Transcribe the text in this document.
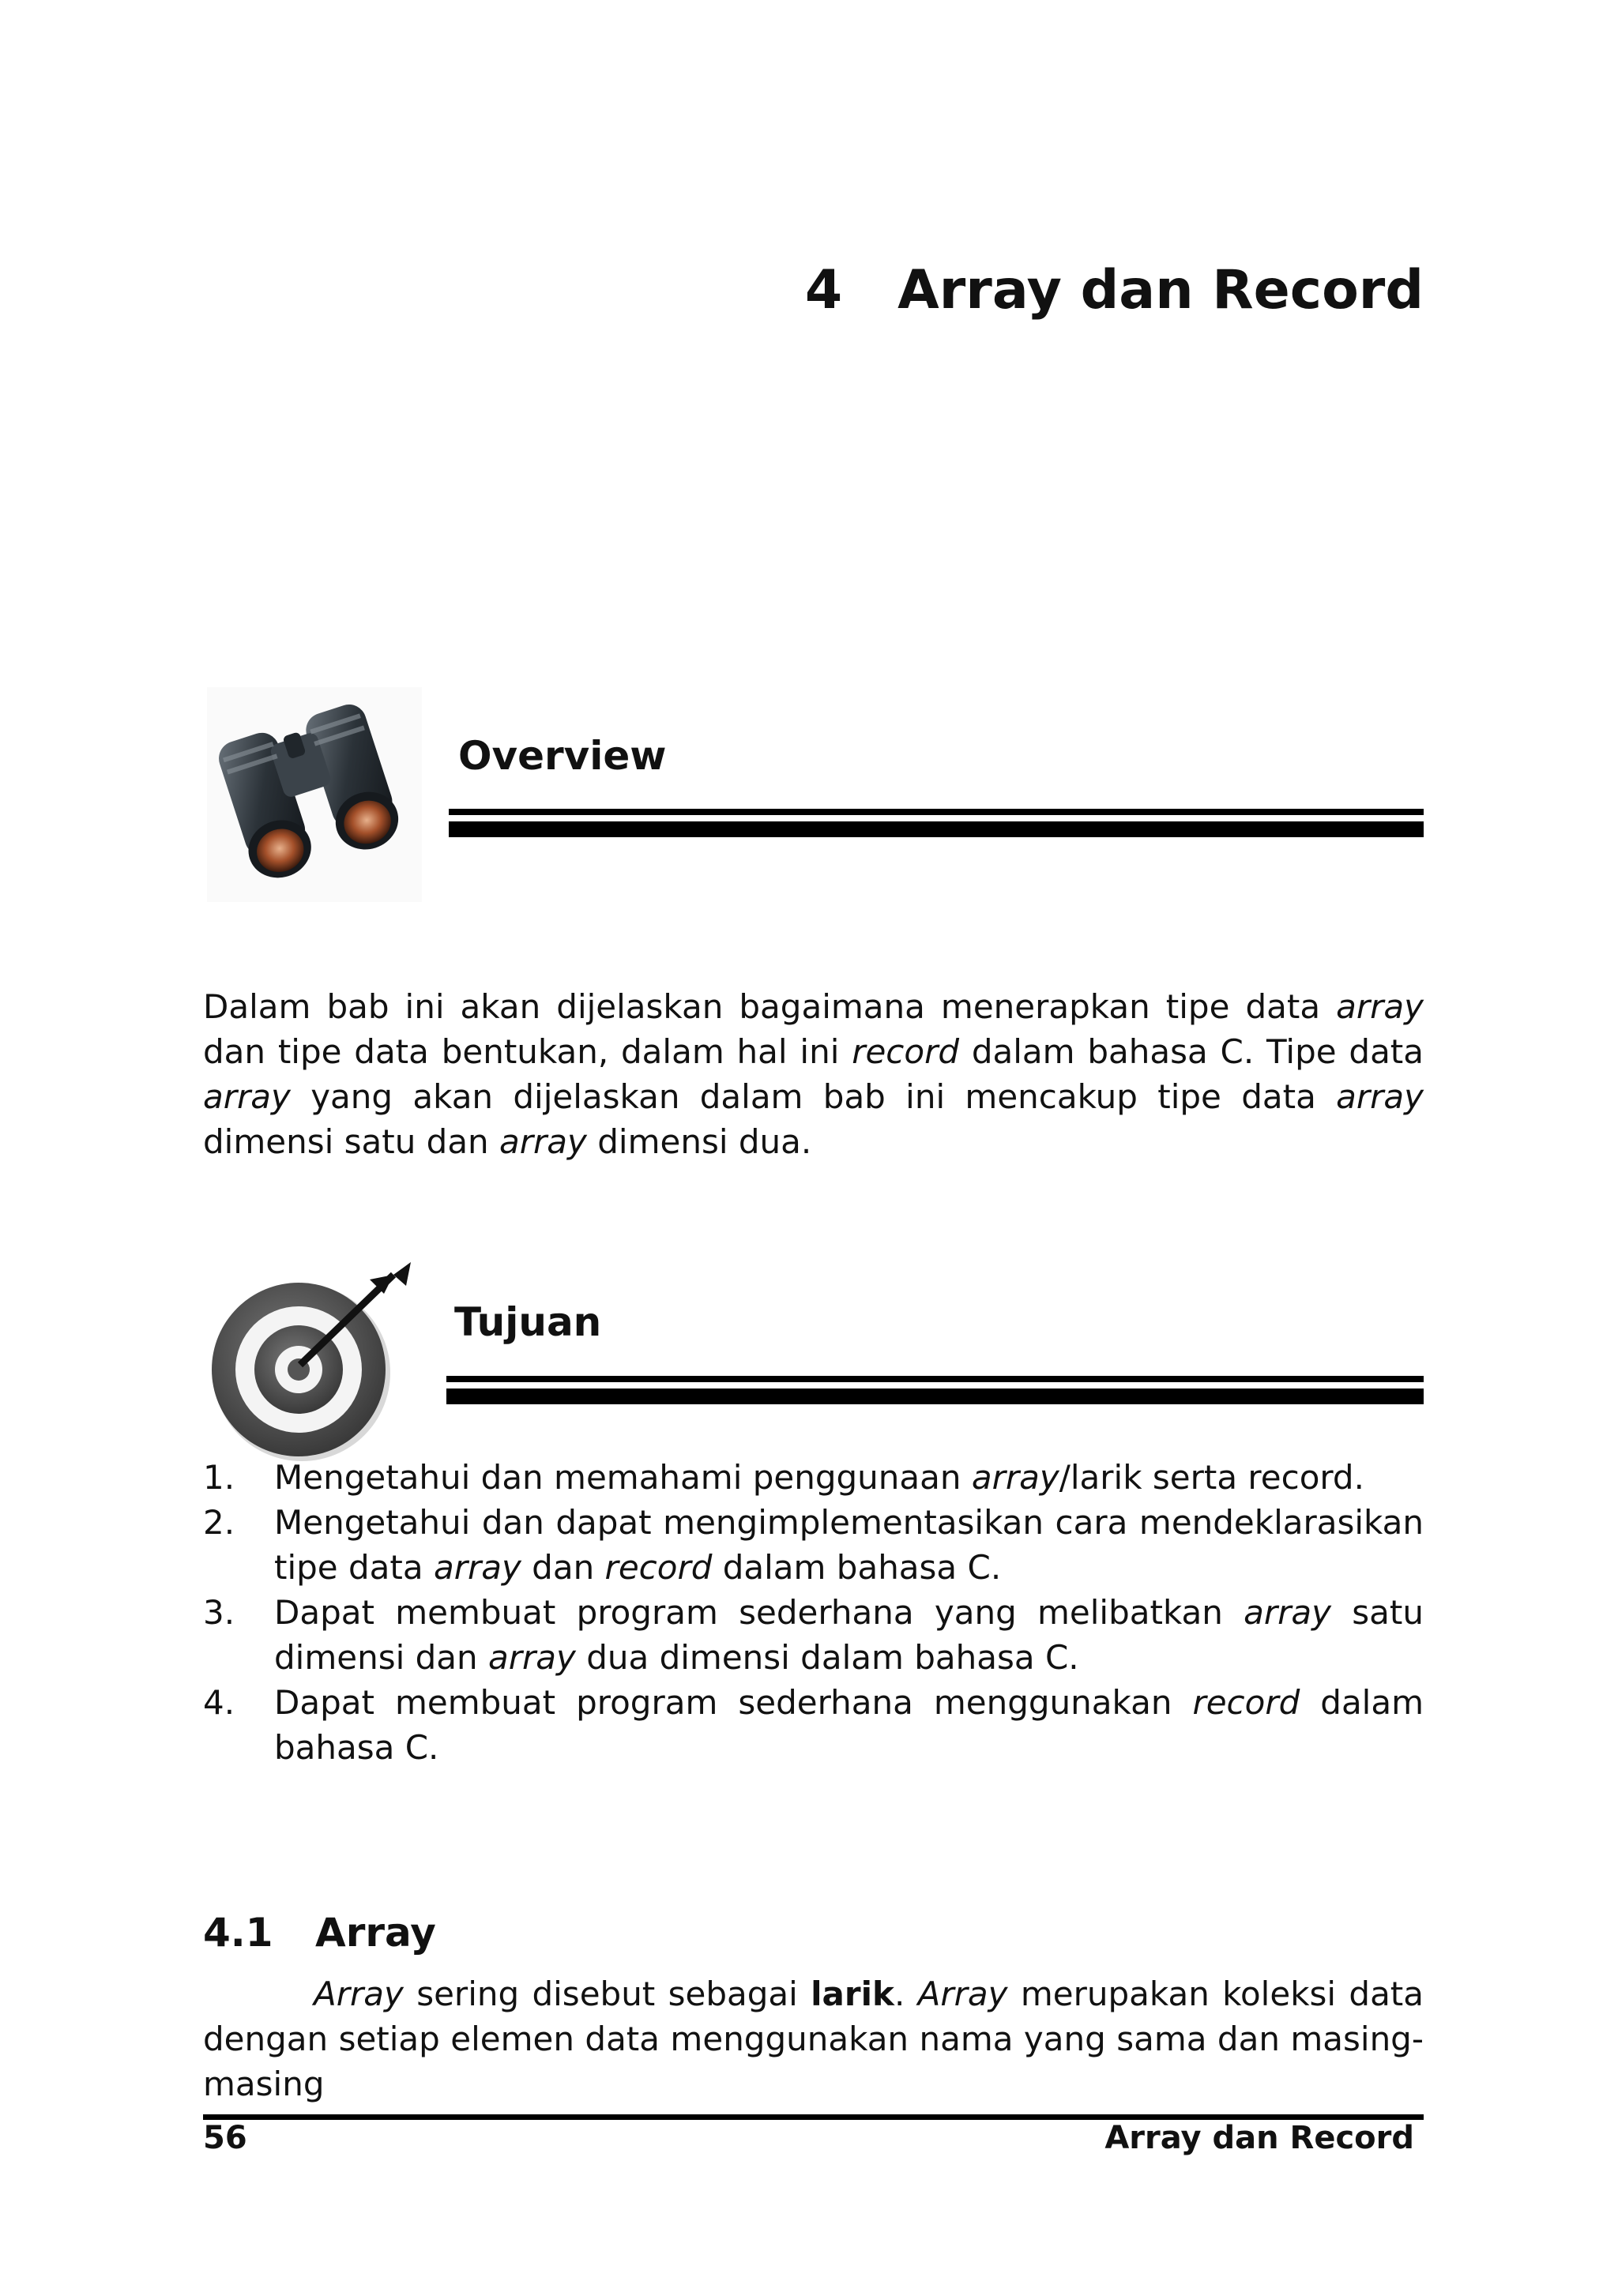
4 Array dan Record
Overview

Dalam bab ini akan dijelaskan bagaimana menerapkan tipe data array dan tipe data bentukan, dalam hal ini record dalam bahasa C. Tipe data array yang akan dijelaskan dalam bab ini mencakup tipe data array dimensi satu dan array dimensi dua.

Tujuan
1. Mengetahui dan memahami penggunaan array/larik serta record.
2. Mengetahui dan dapat mengimplementasikan cara mendeklarasikan tipe data array dan record dalam bahasa C.
3. Dapat membuat program sederhana yang melibatkan array satu dimensi dan array dua dimensi dalam bahasa C.
4. Dapat membuat program sederhana menggunakan record dalam bahasa C.
4.1 Array

Array sering disebut sebagai larik. Array merupakan koleksi data dengan setiap elemen data menggunakan nama yang sama dan masing-masing

56	Array dan Record
